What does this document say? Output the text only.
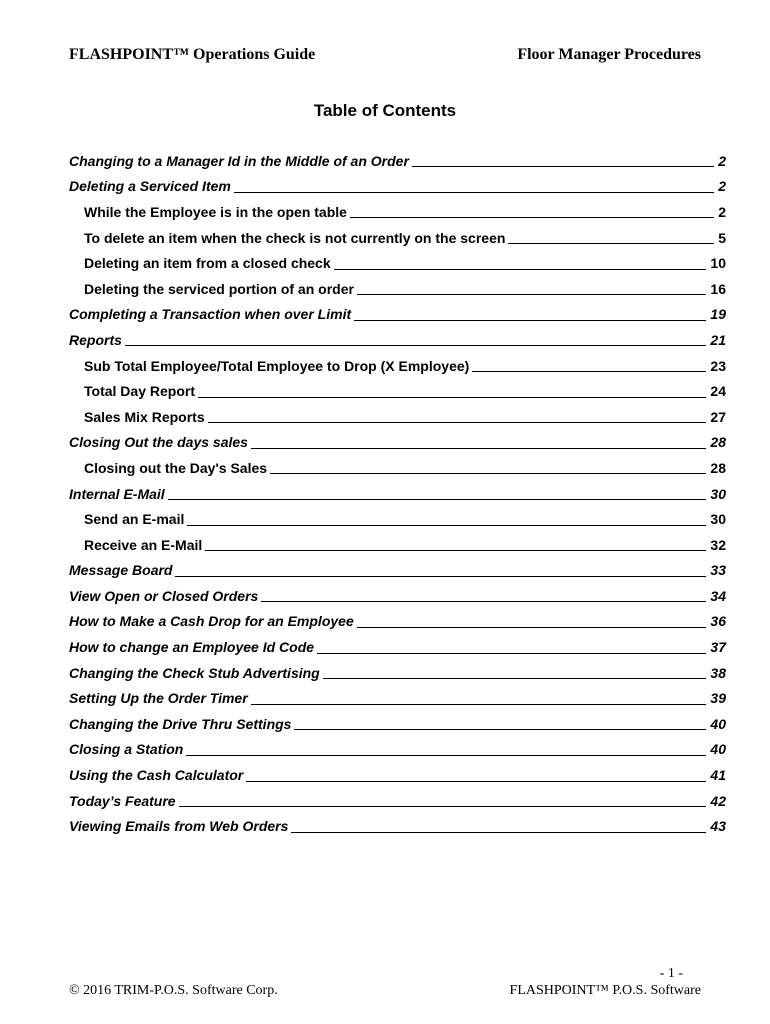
FLASHPOINT™ Operations Guide	Floor Manager Procedures
Table of Contents
Changing to a Manager Id in the Middle of an Order	2
Deleting a Serviced Item	2
While the Employee is in the open table	2
To delete an item when the check is not currently on the screen	5
Deleting an item from a closed check	10
Deleting the serviced portion of an order	16
Completing a Transaction when over Limit	19
Reports	21
Sub Total Employee/Total Employee to Drop (X Employee)	23
Total Day Report	24
Sales Mix Reports	27
Closing Out the days sales	28
Closing out the Day's Sales	28
Internal E-Mail	30
Send an E-mail	30
Receive an E-Mail	32
Message Board	33
View Open or Closed Orders	34
How to Make a Cash Drop for an Employee	36
How to change an Employee Id Code	37
Changing the Check Stub Advertising	38
Setting Up the Order Timer	39
Changing the Drive Thru Settings	40
Closing a Station	40
Using the Cash Calculator	41
Today’s Feature	42
Viewing Emails from Web Orders	43
© 2016 TRIM-P.O.S. Software Corp.
- 1 -
FLASHPOINT™ P.O.S. Software
